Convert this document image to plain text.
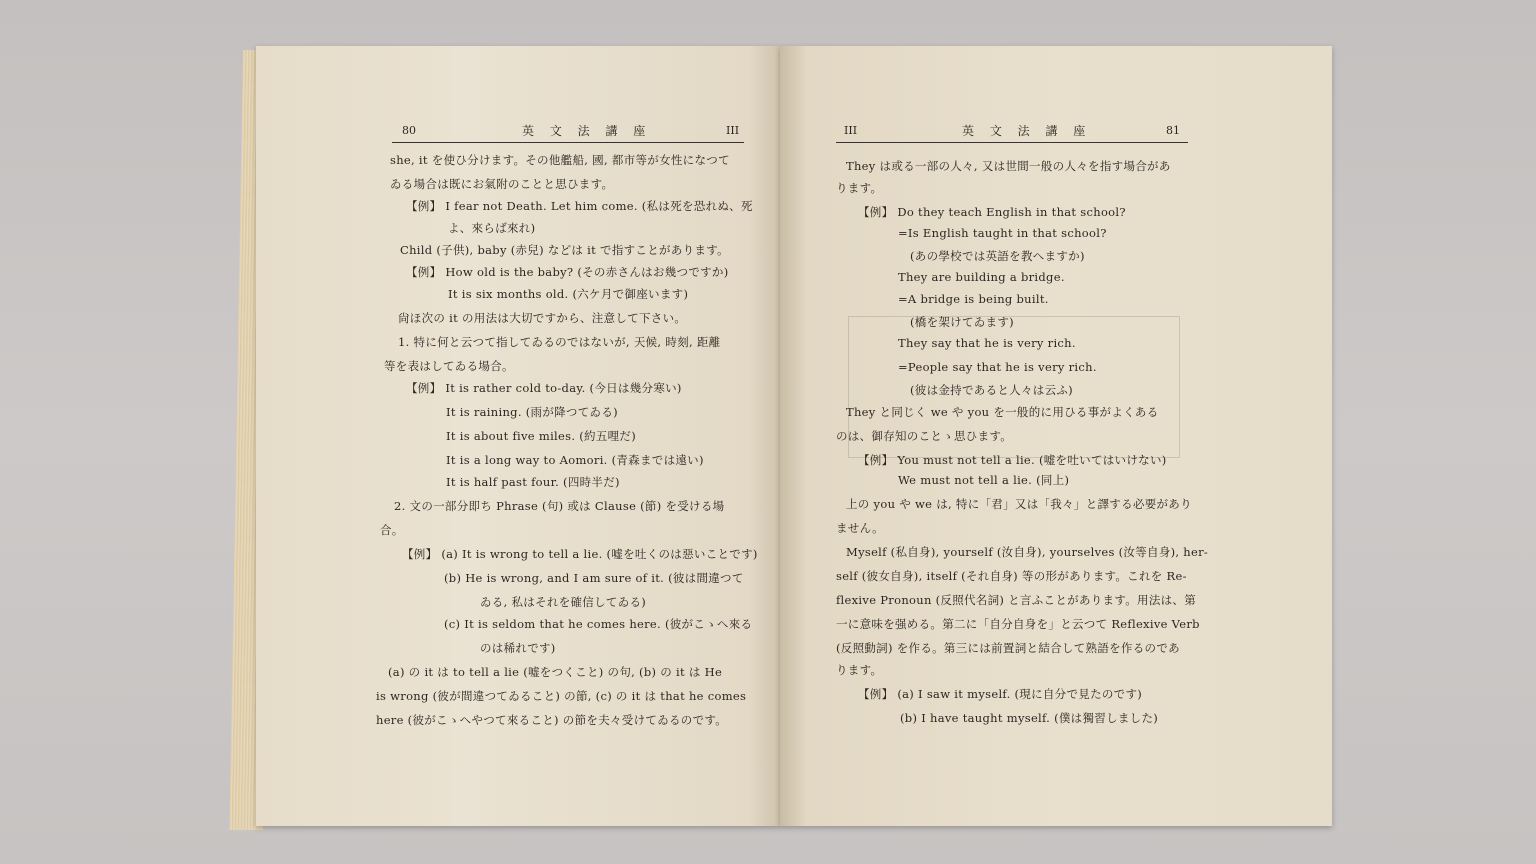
80	英 文 法 講 座	III	III	英 文 法 講 座	81
she, it を使ひ分けます。その他艦船, 國, 都市等が女性になつて
ゐる場合は既にお氣附のことと思ひます。
【例】 I fear not Death. Let him come. (私は死を恐れぬ、死
よ、來らば來れ)
Child (子供), baby (赤兒) などは it で指すことがあります。
【例】 How old is the baby? (その赤さんはお幾つですか)
It is six months old. (六ケ月で御座います)
尙ほ次の it の用法は大切ですから、注意して下さい。
1. 特に何と云つて指してゐるのではないが, 天候, 時刻, 距離
等を表はしてゐる場合。
【例】 It is rather cold to-day. (今日は幾分寒い)
It is raining. (雨が降つてゐる)
It is about five miles. (約五哩だ)
It is a long way to Aomori. (青森までは遠い)
It is half past four. (四時半だ)
2. 文の一部分即ち Phrase (句) 或は Clause (節) を受ける場
合。
【例】 (a) It is wrong to tell a lie. (嘘を吐くのは惡いことです)
(b) He is wrong, and I am sure of it. (彼は間違つて
ゐる, 私はそれを確信してゐる)
(c) It is seldom that he comes here. (彼がこゝへ來る
のは稀れです)
(a) の it は to tell a lie (嘘をつくこと) の句, (b) の it は He
is wrong (彼が間違つてゐること) の節, (c) の it は that he comes
here (彼がこゝへやつて來ること) の節を夫々受けてゐるのです。
They は或る一部の人々, 又は世間一般の人々を指す場合があ
ります。
【例】 Do they teach English in that school?
=Is English taught in that school?
(あの學校では英語を教へますか)
They are building a bridge.
=A bridge is being built.
(橋を架けてゐます)
They say that he is very rich.
=People say that he is very rich.
(彼は金持であると人々は云ふ)
They と同じく we や you を一般的に用ひる事がよくある
のは、御存知のことゝ思ひます。
【例】 You must not tell a lie. (嘘を吐いてはいけない)
We must not tell a lie. (同上)
上の you や we は, 特に「君」又は「我々」と譯する必要があり
ません。
Myself (私自身), yourself (汝自身), yourselves (汝等自身), her-
self (彼女自身), itself (それ自身) 等の形があります。これを Re-
flexive Pronoun (反照代名詞) と言ふことがあります。用法は、第
一に意味を强める。第二に「自分自身を」と云つて Reflexive Verb
(反照動詞) を作る。第三には前置詞と結合して熟語を作るのであ
ります。
【例】 (a) I saw it myself. (現に自分で見たのです)
(b) I have taught myself. (僕は獨習しました)
